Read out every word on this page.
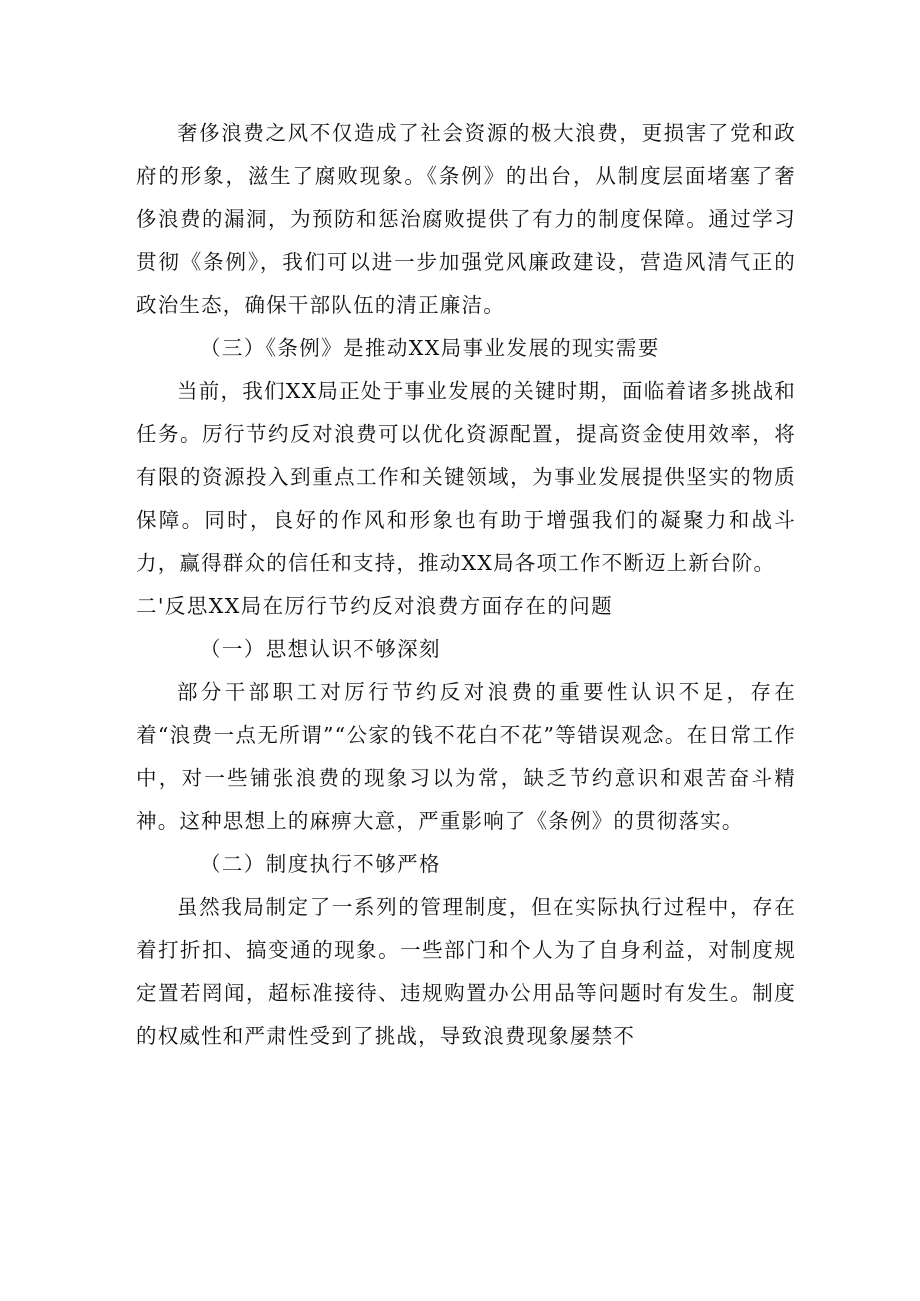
奢侈浪费之风不仅造成了社会资源的极大浪费，更损害了党和政府的形象，滋生了腐败现象。《条例》的出台，从制度层面堵塞了奢侈浪费的漏洞，为预防和惩治腐败提供了有力的制度保障。通过学习贯彻《条例》，我们可以进一步加强党风廉政建设，营造风清气正的政治生态，确保干部队伍的清正廉洁。

（三）《条例》是推动XX局事业发展的现实需要

当前，我们XX局正处于事业发展的关键时期，面临着诸多挑战和任务。厉行节约反对浪费可以优化资源配置，提高资金使用效率，将有限的资源投入到重点工作和关键领域，为事业发展提供坚实的物质保障。同时，良好的作风和形象也有助于增强我们的凝聚力和战斗力，赢得群众的信任和支持，推动XX局各项工作不断迈上新台阶。

二'反思XX局在厉行节约反对浪费方面存在的问题

（一）思想认识不够深刻

部分干部职工对厉行节约反对浪费的重要性认识不足，存在着“浪费一点无所谓”“公家的钱不花白不花”等错误观念。在日常工作中，对一些铺张浪费的现象习以为常，缺乏节约意识和艰苦奋斗精神。这种思想上的麻痹大意，严重影响了《条例》的贯彻落实。

（二）制度执行不够严格

虽然我局制定了一系列的管理制度，但在实际执行过程中，存在着打折扣、搞变通的现象。一些部门和个人为了自身利益，对制度规定置若罔闻，超标准接待、违规购置办公用品等问题时有发生。制度的权威性和严肃性受到了挑战，导致浪费现象屡禁不
